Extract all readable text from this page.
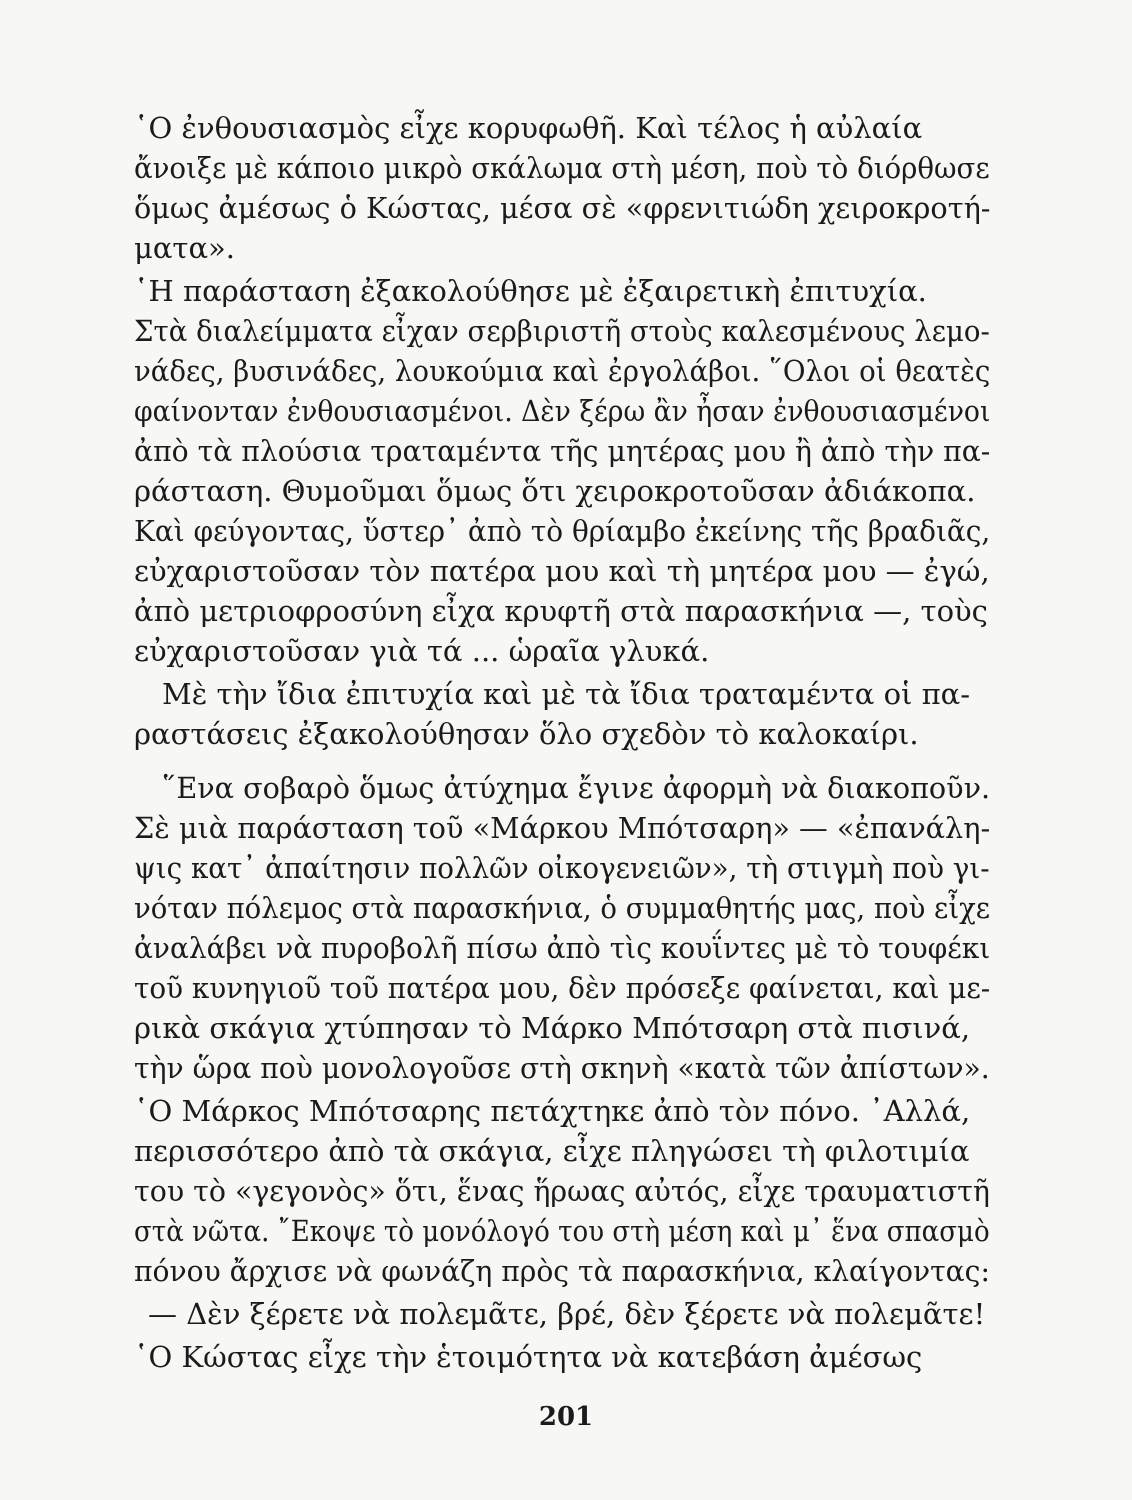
῾Ο ἐνθουσιασμὸς εἶχε κορυφωθῆ. Καὶ τέλος ἡ αὐλαία
ἄνοιξε μὲ κάποιο μικρὸ σκάλωμα στὴ μέση, ποὺ τὸ διόρθωσε
ὅμως ἀμέσως ὁ Κώστας, μέσα σὲ «φρενιτιώδη χειροκροτή-
ματα».
῾Η παράσταση ἐξακολούθησε μὲ ἐξαιρετικὴ ἐπιτυχία.
Στὰ διαλείμματα εἶχαν σερβιριστῆ στοὺς καλεσμένους λεμο-
νάδες, βυσινάδες, λουκούμια καὶ ἐργολάβοι. ῞Ολοι οἱ θεατὲς
φαίνονταν ἐνθουσιασμένοι. Δὲν ξέρω ἂν ἦσαν ἐνθουσιασμένοι
ἀπὸ τὰ πλούσια τραταμέντα τῆς μητέρας μου ἢ ἀπὸ τὴν πα-
ράσταση. Θυμοῦμαι ὅμως ὅτι χειροκροτοῦσαν ἀδιάκοπα.
Καὶ φεύγοντας, ὕστερ᾽ ἀπὸ τὸ θρίαμβο ἐκείνης τῆς βραδιᾶς,
εὐχαριστοῦσαν τὸν πατέρα μου καὶ τὴ μητέρα μου — ἐγώ,
ἀπὸ μετριοφροσύνη εἶχα κρυφτῆ στὰ παρασκήνια —, τοὺς
εὐχαριστοῦσαν γιὰ τά ... ὡραῖα γλυκά.
Μὲ τὴν ἴδια ἐπιτυχία καὶ μὲ τὰ ἴδια τραταμέντα οἱ πα-
ραστάσεις ἐξακολούθησαν ὅλο σχεδὸν τὸ καλοκαίρι.
῞Ενα σοβαρὸ ὅμως ἀτύχημα ἔγινε ἀφορμὴ νὰ διακοποῦν.
Σὲ μιὰ παράσταση τοῦ «Μάρκου Μπότσαρη» — «ἐπανάλη-
ψις κατ᾽ ἀπαίτησιν πολλῶν οἰκογενειῶν», τὴ στιγμὴ ποὺ γι-
νόταν πόλεμος στὰ παρασκήνια, ὁ συμμαθητής μας, ποὺ εἶχε
ἀναλάβει νὰ πυροβολῆ πίσω ἀπὸ τὶς κουΐντες μὲ τὸ τουφέκι
τοῦ κυνηγιοῦ τοῦ πατέρα μου, δὲν πρόσεξε φαίνεται, καὶ με-
ρικὰ σκάγια χτύπησαν τὸ Μάρκο Μπότσαρη στὰ πισινά,
τὴν ὥρα ποὺ μονολογοῦσε στὴ σκηνὴ «κατὰ τῶν ἀπίστων».
῾Ο Μάρκος Μπότσαρης πετάχτηκε ἀπὸ τὸν πόνο. ᾿Αλλά,
περισσότερο ἀπὸ τὰ σκάγια, εἶχε πληγώσει τὴ φιλοτιμία
του τὸ «γεγονὸς» ὅτι, ἕνας ἥρωας αὐτός, εἶχε τραυματιστῆ
στὰ νῶτα. ῎Εκοψε τὸ μονόλογό του στὴ μέση καὶ μ᾽ ἕνα σπασμὸ
πόνου ἄρχισε νὰ φωνάζη πρὸς τὰ παρασκήνια, κλαίγοντας:
— Δὲν ξέρετε νὰ πολεμᾶτε, βρέ, δὲν ξέρετε νὰ πολεμᾶτε!
῾Ο Κώστας εἶχε τὴν ἑτοιμότητα νὰ κατεβάση ἀμέσως
201
